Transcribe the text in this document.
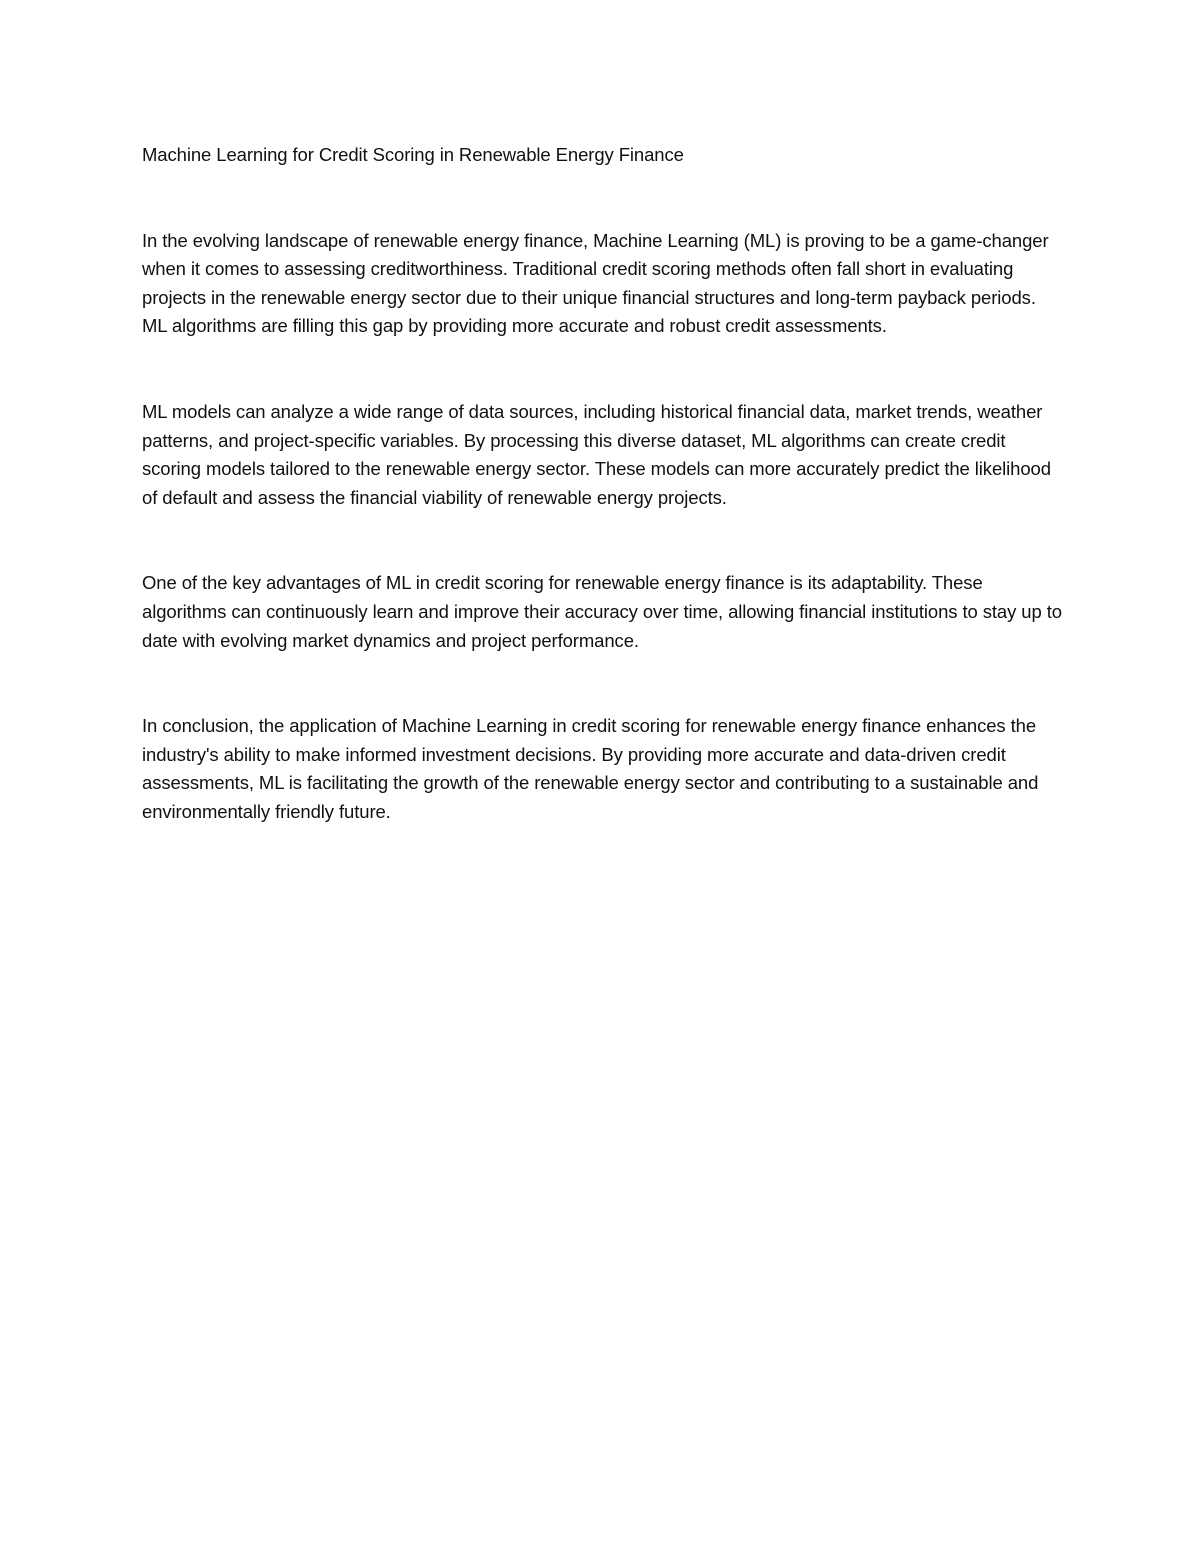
Machine Learning for Credit Scoring in Renewable Energy Finance
In the evolving landscape of renewable energy finance, Machine Learning (ML) is proving to be a game-changer when it comes to assessing creditworthiness. Traditional credit scoring methods often fall short in evaluating projects in the renewable energy sector due to their unique financial structures and long-term payback periods. ML algorithms are filling this gap by providing more accurate and robust credit assessments.
ML models can analyze a wide range of data sources, including historical financial data, market trends, weather patterns, and project-specific variables. By processing this diverse dataset, ML algorithms can create credit scoring models tailored to the renewable energy sector. These models can more accurately predict the likelihood of default and assess the financial viability of renewable energy projects.
One of the key advantages of ML in credit scoring for renewable energy finance is its adaptability. These algorithms can continuously learn and improve their accuracy over time, allowing financial institutions to stay up to date with evolving market dynamics and project performance.
In conclusion, the application of Machine Learning in credit scoring for renewable energy finance enhances the industry's ability to make informed investment decisions. By providing more accurate and data-driven credit assessments, ML is facilitating the growth of the renewable energy sector and contributing to a sustainable and environmentally friendly future.
